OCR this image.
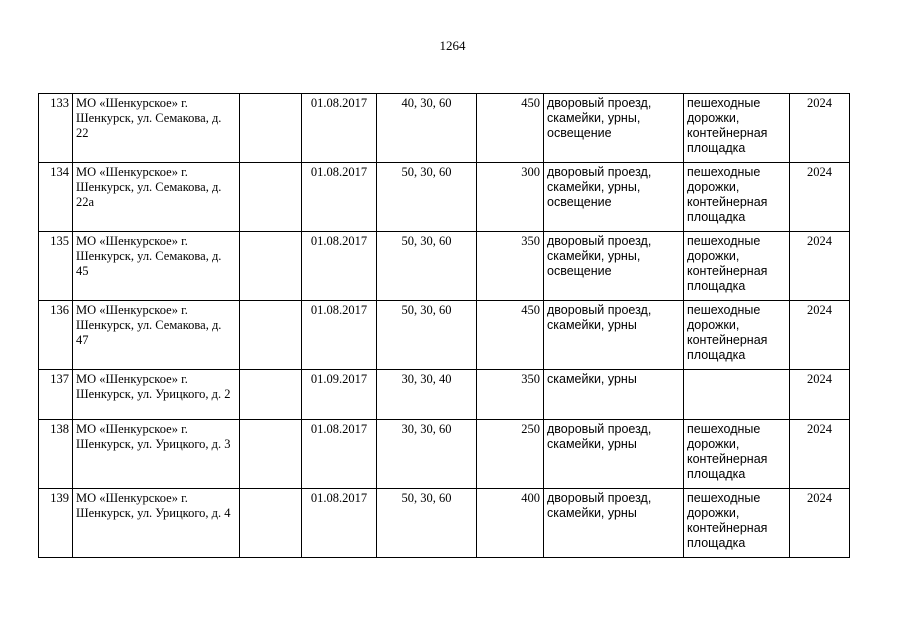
1264
133	МО «Шенкурское» г. Шенкурск, ул. Семакова, д. 22		01.08.2017	40, 30, 60	450	дворовый проезд, скамейки, урны, освещение	пешеходные дорожки, контейнерная площадка	2024
134	МО «Шенкурское» г. Шенкурск, ул. Семакова, д. 22а		01.08.2017	50, 30, 60	300	дворовый проезд, скамейки, урны, освещение	пешеходные дорожки, контейнерная площадка	2024
135	МО «Шенкурское» г. Шенкурск, ул. Семакова, д. 45		01.08.2017	50, 30, 60	350	дворовый проезд, скамейки, урны, освещение	пешеходные дорожки, контейнерная площадка	2024
136	МО «Шенкурское» г. Шенкурск, ул. Семакова, д. 47		01.08.2017	50, 30, 60	450	дворовый проезд, скамейки, урны	пешеходные дорожки, контейнерная площадка	2024
137	МО «Шенкурское» г. Шенкурск, ул. Урицкого, д. 2		01.09.2017	30, 30, 40	350	скамейки, урны		2024
138	МО «Шенкурское» г. Шенкурск, ул. Урицкого, д. 3		01.08.2017	30, 30, 60	250	дворовый проезд, скамейки, урны	пешеходные дорожки, контейнерная площадка	2024
139	МО «Шенкурское» г. Шенкурск, ул. Урицкого, д. 4		01.08.2017	50, 30, 60	400	дворовый проезд, скамейки, урны	пешеходные дорожки, контейнерная площадка	2024
